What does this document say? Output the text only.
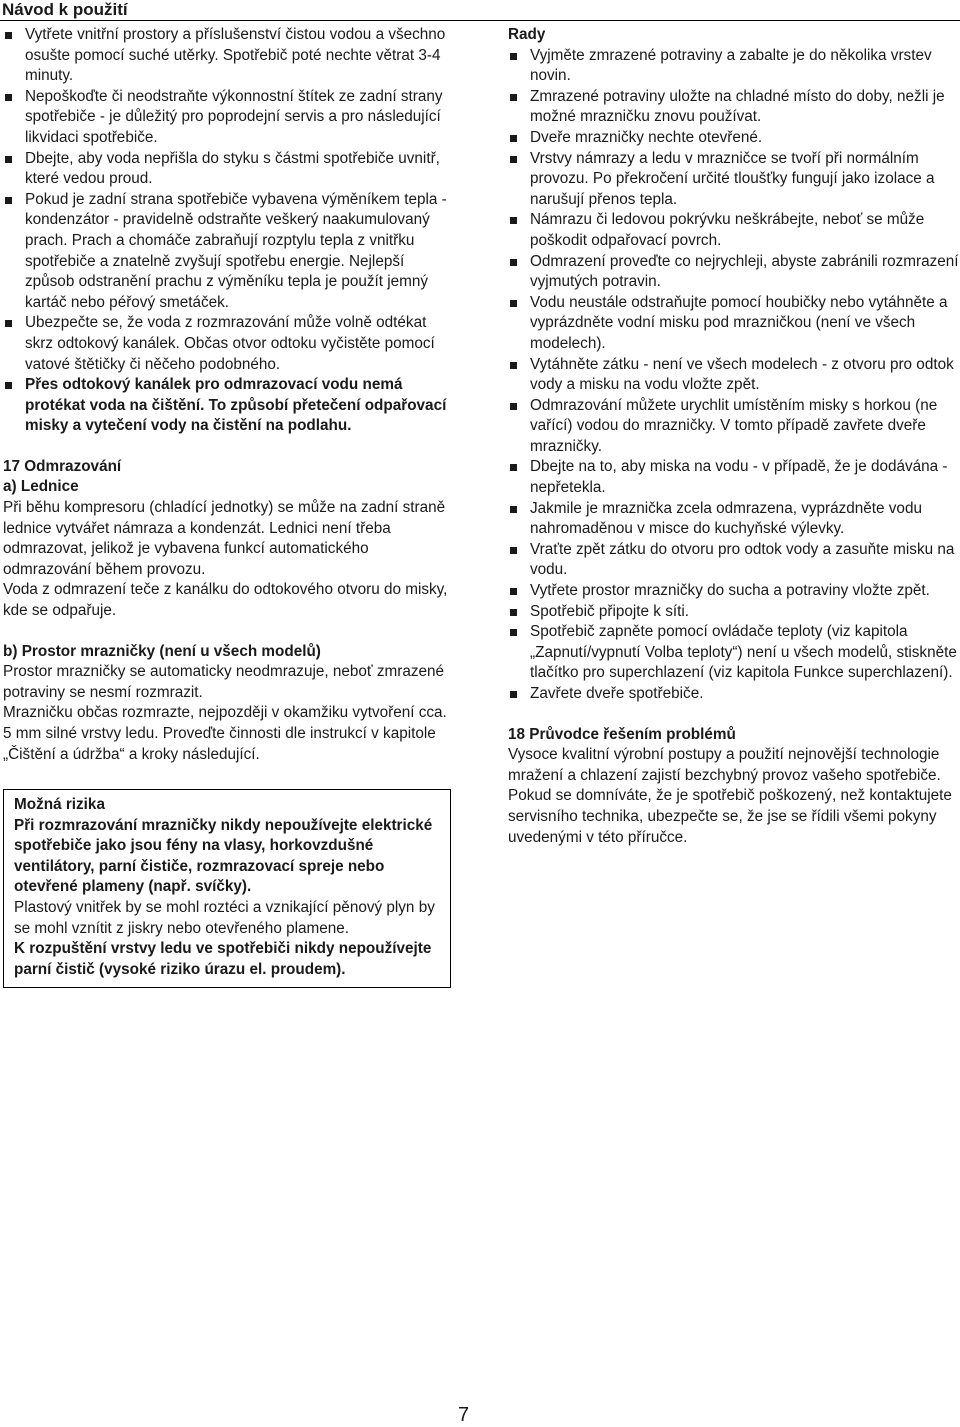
Návod k použití
Vytřete vnitřní prostory a příslušenství čistou vodou a všechno osušte pomocí suché utěrky. Spotřebič poté nechte větrat 3-4 minuty.
Nepoškoďte či neodstraňte výkonnostní štítek ze zadní strany spotřebiče - je důležitý pro poprodejní servis a pro následující likvidaci spotřebiče.
Dbejte, aby voda nepřišla do styku s částmi spotřebiče uvnitř, které vedou proud.
Pokud je zadní strana spotřebiče vybavena výměníkem tepla - kondenzátor - pravidelně odstraňte veškerý naakumulovaný prach. Prach a chomáče zabraňují rozptylu tepla z vnitřku spotřebiče a znatelně zvyšují spotřebu energie. Nejlepší způsob odstranění prachu z výměníku tepla je použít jemný kartáč nebo péřový smetáček.
Ubezpečte se, že voda z rozmrazování může volně odtékat skrz odtokový kanálek. Občas otvor odtoku vyčistěte pomocí vatové štětičky či něčeho podobného.
Přes odtokový kanálek pro odmrazovací vodu nemá protékat voda na čištění. To způsobí přetečení odpařovací misky a vytečení vody na čistění na podlahu.

17 Odmrazování

a) Lednice

Při běhu kompresoru (chladící jednotky) se může na zadní straně lednice vytvářet námraza a kondenzát. Lednici není třeba odmrazovat, jelikož je vybavena funkcí automatického odmrazování během provozu.

Voda z odmrazení teče z kanálku do odtokového otvoru do misky, kde se odpařuje.

b) Prostor mrazničky (není u všech modelů)

Prostor mrazničky se automaticky neodmrazuje, neboť zmrazené potraviny se nesmí rozmrazit.

Mrazničku občas rozmrazte, nejpozději v okamžiku vytvoření cca. 5 mm silné vrstvy ledu. Proveďte činnosti dle instrukcí v kapitole „Čištění a údržba“ a kroky následující.

Možná rizika

Při rozmrazování mrazničky nikdy nepoužívejte elektrické spotřebiče jako jsou fény na vlasy, horkovzdušné ventilátory, parní čističe, rozmrazovací spreje nebo otevřené plameny (např. svíčky).

Plastový vnitřek by se mohl roztéci a vznikající pěnový plyn by se mohl vznítit z jiskry nebo otevřeného plamene.

K rozpuštění vrstvy ledu ve spotřebiči nikdy nepoužívejte parní čistič (vysoké riziko úrazu el. proudem).

Rady

Vyjměte zmrazené potraviny a zabalte je do několika vrstev novin.
Zmrazené potraviny uložte na chladné místo do doby, nežli je možné mrazničku znovu používat.
Dveře mrazničky nechte otevřené.
Vrstvy námrazy a ledu v mrazničce se tvoří při normálním provozu. Po překročení určité tloušťky fungují jako izolace a narušují přenos tepla.
Námrazu či ledovou pokrývku neškrábejte, neboť se může poškodit odpařovací povrch.
Odmrazení proveďte co nejrychleji, abyste zabránili rozmrazení vyjmutých potravin.
Vodu neustále odstraňujte pomocí houbičky nebo vytáhněte a vyprázdněte vodní misku pod mrazničkou (není ve všech modelech).
Vytáhněte zátku - není ve všech modelech - z otvoru pro odtok vody a misku na vodu vložte zpět.
Odmrazování můžete urychlit umístěním misky s horkou (ne vařící) vodou do mrazničky. V tomto případě zavřete dveře mrazničky.
Dbejte na to, aby miska na vodu - v případě, že je dodávána - nepřetekla.
Jakmile je mraznička zcela odmrazena, vyprázdněte vodu nahromaděnou v misce do kuchyňské výlevky.
Vraťte zpět zátku do otvoru pro odtok vody a zasuňte misku na vodu.
Vytřete prostor mrazničky do sucha a potraviny vložte zpět.
Spotřebič připojte k síti.
Spotřebič zapněte pomocí ovládače teploty (viz kapitola „Zapnutí/vypnutí Volba teploty“) není u všech modelů, stiskněte tlačítko pro superchlazení (viz kapitola Funkce superchlazení).
Zavřete dveře spotřebiče.

18 Průvodce řešením problémů

Vysoce kvalitní výrobní postupy a použití nejnovější technologie mražení a chlazení zajistí bezchybný provoz vašeho spotřebiče. Pokud se domníváte, že je spotřebič poškozený, než kontaktujete servisního technika, ubezpečte se, že jse se řídili všemi pokyny uvedenými v této příručce.

7
